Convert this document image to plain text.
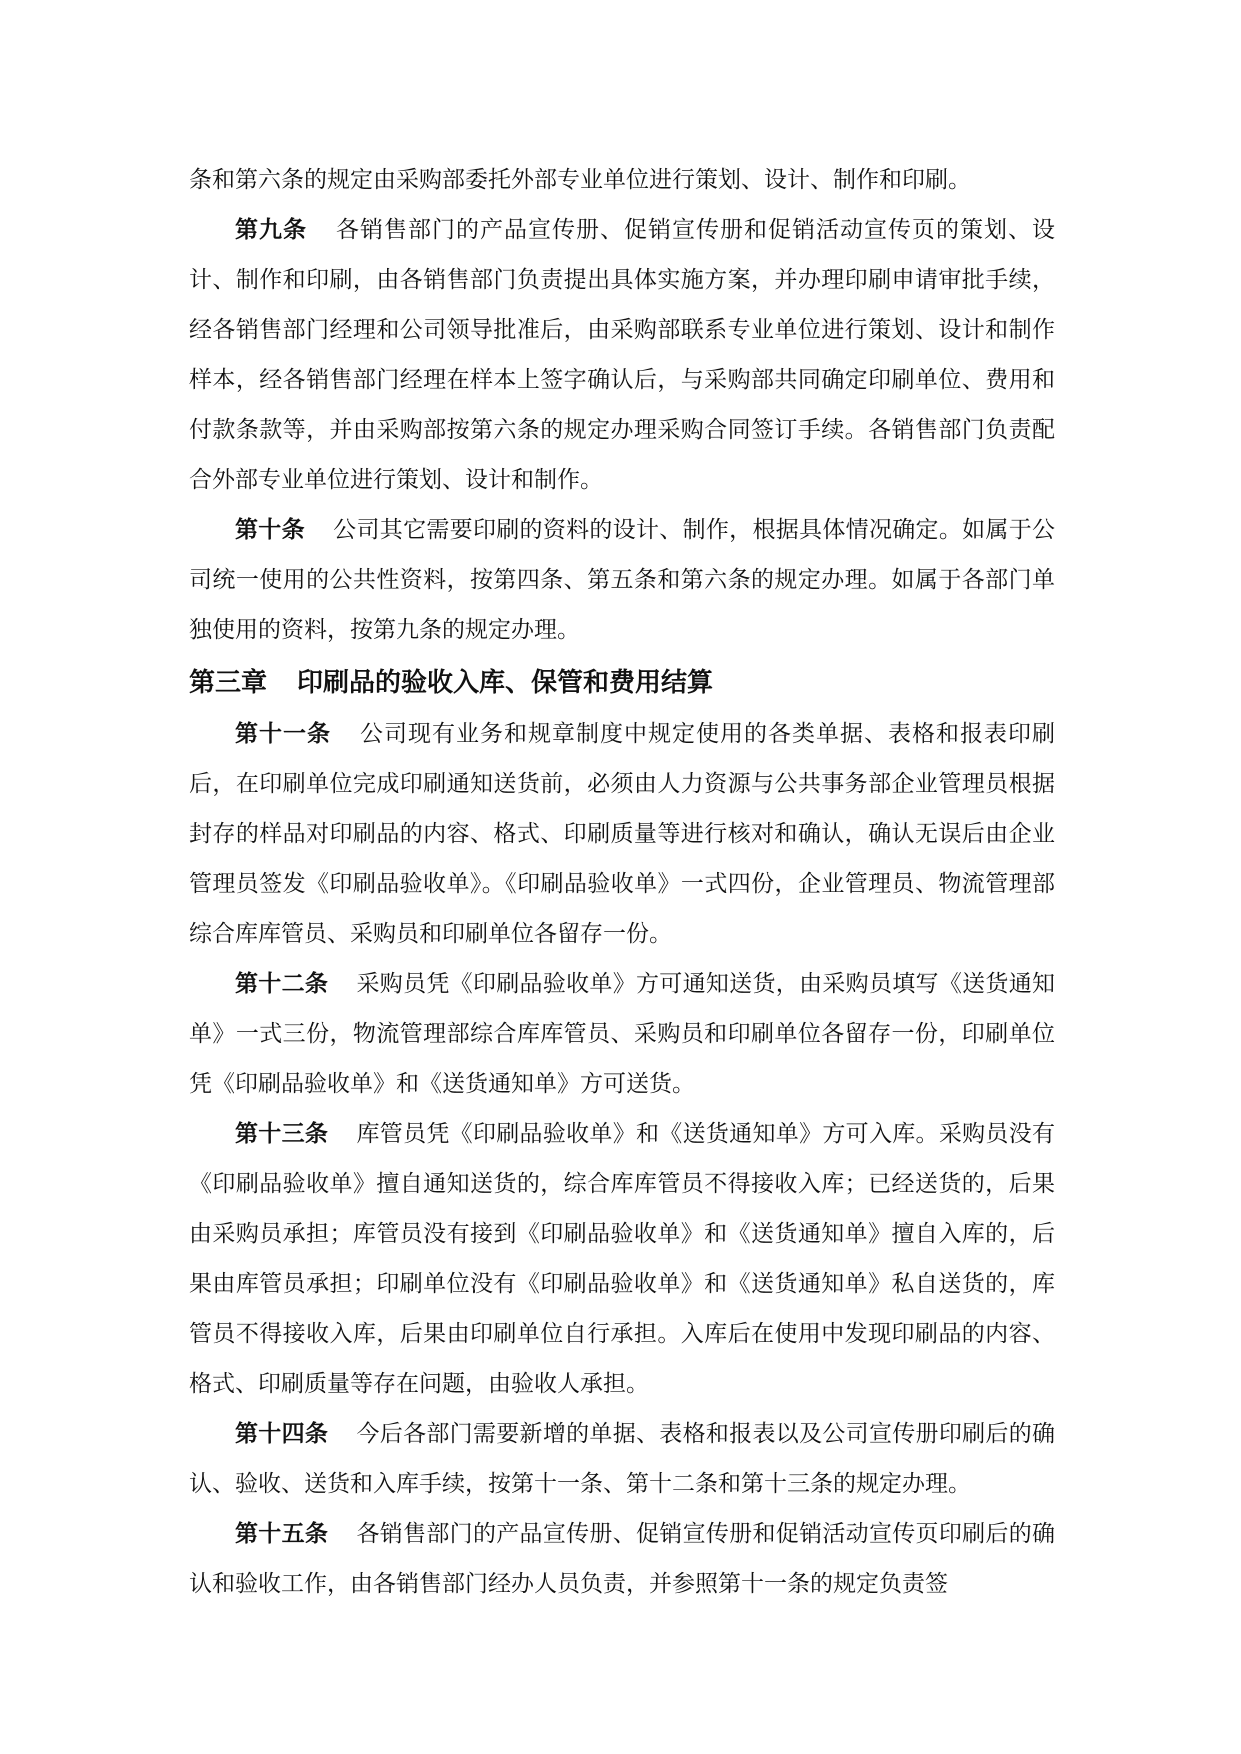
条和第六条的规定由采购部委托外部专业单位进行策划、设计、制作和印刷。

第九条 各销售部门的产品宣传册、促销宣传册和促销活动宣传页的策划、设计、制作和印刷，由各销售部门负责提出具体实施方案，并办理印刷申请审批手续，经各销售部门经理和公司领导批准后，由采购部联系专业单位进行策划、设计和制作样本，经各销售部门经理在样本上签字确认后，与采购部共同确定印刷单位、费用和付款条款等，并由采购部按第六条的规定办理采购合同签订手续。各销售部门负责配合外部专业单位进行策划、设计和制作。

第十条 公司其它需要印刷的资料的设计、制作，根据具体情况确定。如属于公司统一使用的公共性资料，按第四条、第五条和第六条的规定办理。如属于各部门单独使用的资料，按第九条的规定办理。

第三章 印刷品的验收入库、保管和费用结算

第十一条 公司现有业务和规章制度中规定使用的各类单据、表格和报表印刷后，在印刷单位完成印刷通知送货前，必须由人力资源与公共事务部企业管理员根据封存的样品对印刷品的内容、格式、印刷质量等进行核对和确认，确认无误后由企业管理员签发《印刷品验收单》。《印刷品验收单》一式四份，企业管理员、物流管理部综合库库管员、采购员和印刷单位各留存一份。

第十二条 采购员凭《印刷品验收单》方可通知送货，由采购员填写《送货通知单》一式三份，物流管理部综合库库管员、采购员和印刷单位各留存一份，印刷单位凭《印刷品验收单》和《送货通知单》方可送货。

第十三条 库管员凭《印刷品验收单》和《送货通知单》方可入库。采购员没有《印刷品验收单》擅自通知送货的，综合库库管员不得接收入库；已经送货的，后果由采购员承担；库管员没有接到《印刷品验收单》和《送货通知单》擅自入库的，后果由库管员承担；印刷单位没有《印刷品验收单》和《送货通知单》私自送货的，库管员不得接收入库，后果由印刷单位自行承担。入库后在使用中发现印刷品的内容、格式、印刷质量等存在问题，由验收人承担。

第十四条 今后各部门需要新增的单据、表格和报表以及公司宣传册印刷后的确认、验收、送货和入库手续，按第十一条、第十二条和第十三条的规定办理。

第十五条 各销售部门的产品宣传册、促销宣传册和促销活动宣传页印刷后的确认和验收工作，由各销售部门经办人员负责，并参照第十一条的规定负责签
